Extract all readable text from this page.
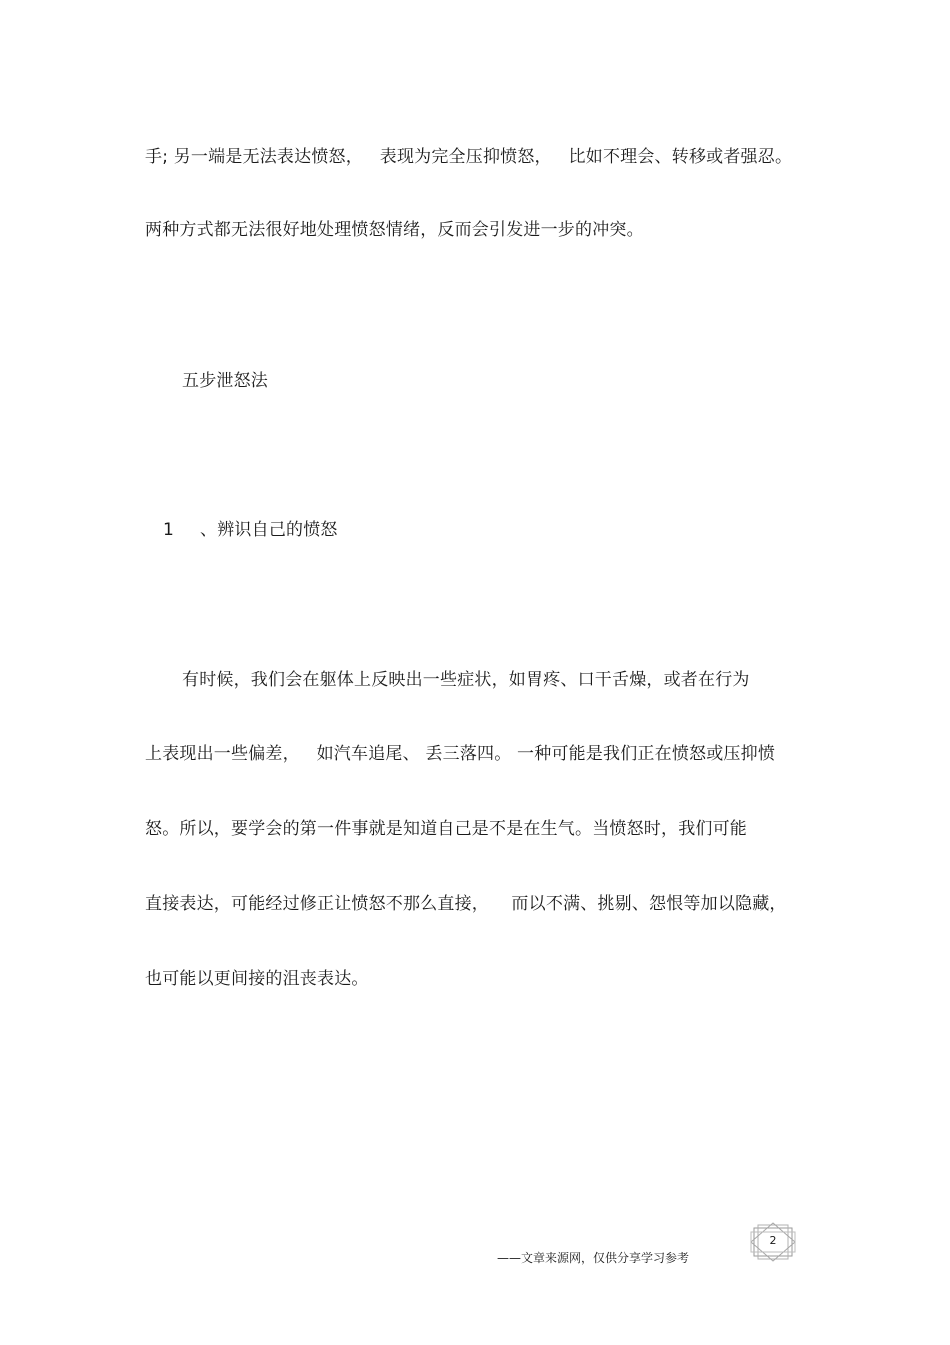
手; 另一端是无法表达愤怒，   表现为完全压抑愤怒，   比如不理会、转移或者强忍。
两种方式都无法很好地处理愤怒情绪，反而会引发进一步的冲突。
五步泄怒法
1 、辨识自己的愤怒
有时候，我们会在躯体上反映出一些症状，如胃疼、口干舌燥，或者在行为
上表现出一些偏差，   如汽车追尾、 丢三落四。 一种可能是我们正在愤怒或压抑愤
怒。所以，要学会的第一件事就是知道自己是不是在生气。当愤怒时，我们可能
直接表达，可能经过修正让愤怒不那么直接，    而以不满、挑剔、怨恨等加以隐藏，
也可能以更间接的沮丧表达。
——文章来源网，仅供分享学习参考
2
